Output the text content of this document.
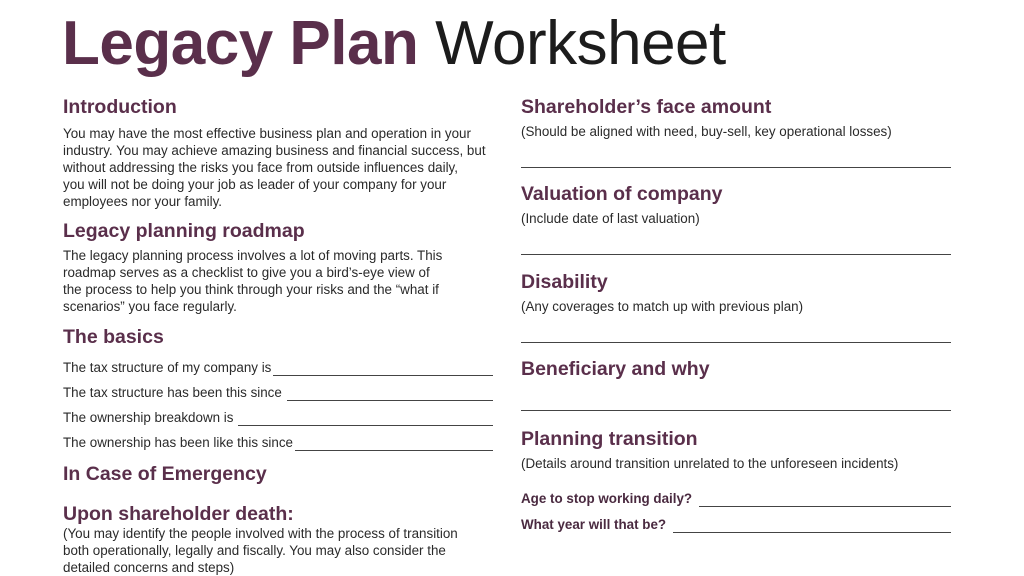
Legacy Plan Worksheet
Introduction

You may have the most effective business plan and operation in your
industry. You may achieve amazing business and financial success, but
without addressing the risks you face from outside influences daily,
you will not be doing your job as leader of your company for your
employees nor your family.

Legacy planning roadmap

The legacy planning process involves a lot of moving parts. This
roadmap serves as a checklist to give you a bird’s-eye view of
the process to help you think through your risks and the “what if
scenarios” you face regularly.

The basics
The tax structure of my company is
The tax structure has been this since
The ownership breakdown is
The ownership has been like this since
In Case of Emergency
Upon shareholder death:

(You may identify the people involved with the process of transition
both operationally, legally and fiscally. You may also consider the
detailed concerns and steps)

Shareholder’s face amount

(Should be aligned with need, buy-sell, key operational losses)

Valuation of company

(Include date of last valuation)

Disability

(Any coverages to match up with previous plan)

Beneficiary and why
Planning transition

(Details around transition unrelated to the unforeseen incidents)

Age to stop working daily?
What year will that be?
